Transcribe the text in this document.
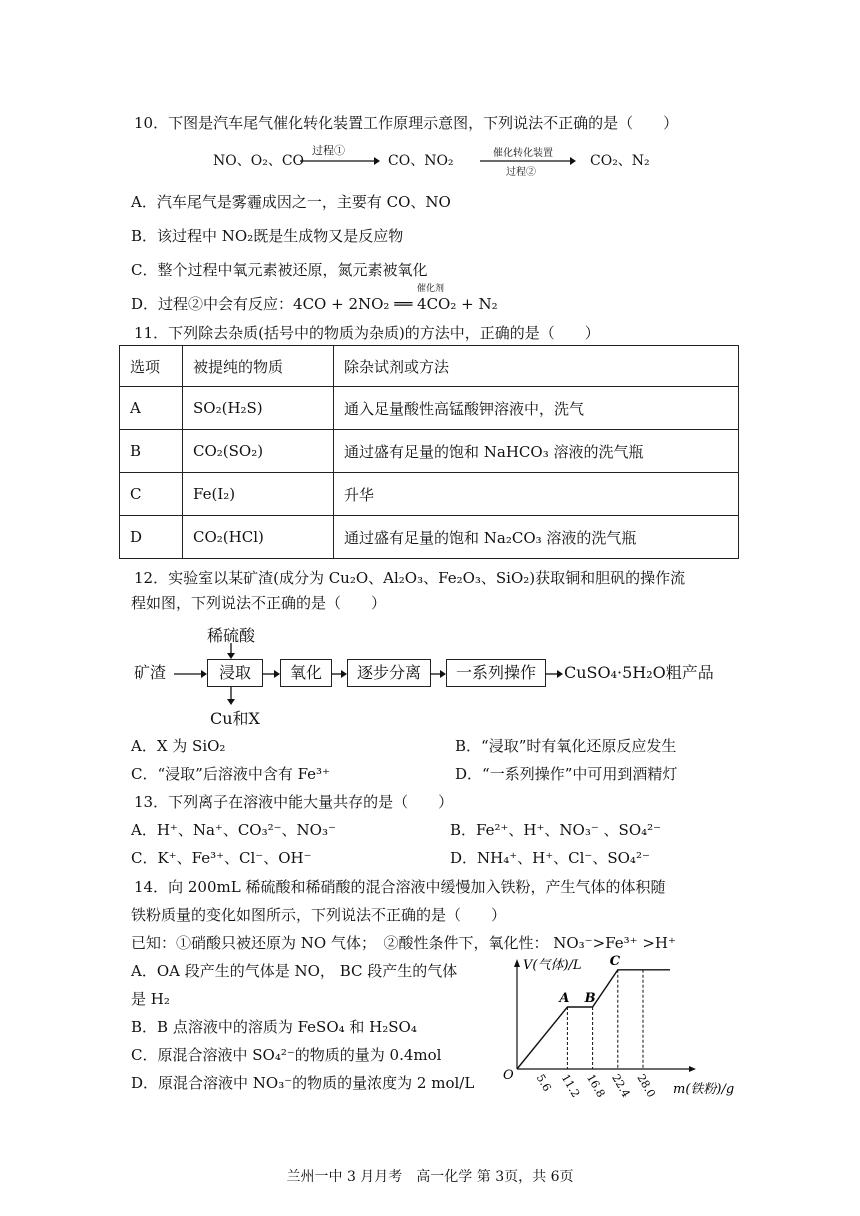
10．下图是汽车尾气催化转化装置工作原理示意图，下列说法不正确的是（　　）
NO、O₂、CO
过程①
CO、NO₂	催化转化装置
过程②
CO₂、N₂
A．汽车尾气是雾霾成因之一，主要有 CO、NO
B．该过程中 NO₂既是生成物又是反应物
C．整个过程中氧元素被还原，氮元素被氧化
D．过程②中会有反应：4CO + 2NO₂ ══ 4CO₂ + N₂
催化剂
11．下列除去杂质(括号中的物质为杂质)的方法中，正确的是（　　）
选项	被提纯的物质	除杂试剂或方法
A	SO₂(H₂S)	通入足量酸性高锰酸钾溶液中，洗气
B	CO₂(SO₂)	通过盛有足量的饱和 NaHCO₃ 溶液的洗气瓶
C	Fe(I₂)	升华
D	CO₂(HCl)	通过盛有足量的饱和 Na₂CO₃ 溶液的洗气瓶
12．实验室以某矿渣(成分为 Cu₂O、Al₂O₃、Fe₂O₃、SiO₂)获取铜和胆矾的操作流
程如图，下列说法不正确的是（　　）
稀硫酸
矿渣	浸取	氧化	逐步分离	一系列操作	CuSO₄·5H₂O粗产品
Cu和X
A．X 为 SiO₂	B．“浸取”时有氧化还原反应发生
C．“浸取”后溶液中含有 Fe³⁺	D．“一系列操作”中可用到酒精灯
13．下列离子在溶液中能大量共存的是（　　）
A．H⁺、Na⁺、CO₃²⁻、NO₃⁻	B．Fe²⁺、H⁺、NO₃⁻ 、SO₄²⁻
C．K⁺、Fe³⁺、Cl⁻、OH⁻	D．NH₄⁺、H⁺、Cl⁻、SO₄²⁻
14．向 200mL 稀硫酸和稀硝酸的混合溶液中缓慢加入铁粉，产生气体的体积随
铁粉质量的变化如图所示，下列说法不正确的是（　　）
已知：①硝酸只被还原为 NO 气体；　②酸性条件下，氧化性： NO₃⁻>Fe³⁺ >H⁺
A．OA 段产生的气体是 NO， BC 段产生的气体
是 H₂
B．B 点溶液中的溶质为 FeSO₄ 和 H₂SO₄
C．原混合溶液中 SO₄²⁻的物质的量为 0.4mol
D．原混合溶液中 NO₃⁻的物质的量浓度为 2 mol/L
V(气体)/L
m(铁粉)/g
O
A B
C
5.6 11.2 16.8 22.4 28.0
兰州一中 3 月月考　高一化学 第 3页，共 6页
